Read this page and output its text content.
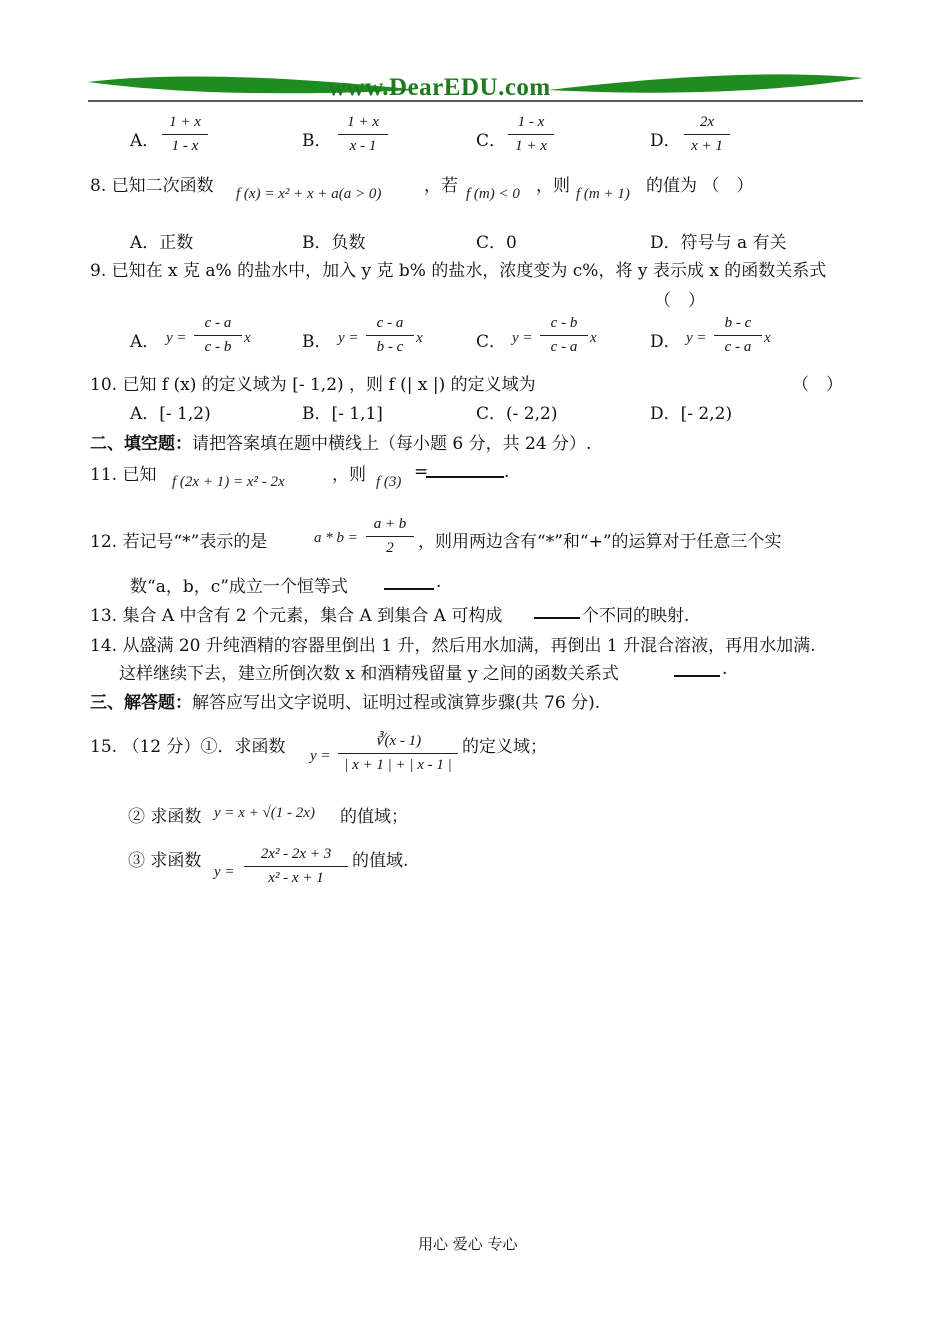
www.DearEDU.com
A．
1 + x
1 - x	B．
1 + x
x - 1	C．
1 - x
1 + x	D．
2x
x + 1
8. 已知二次函数 f (x) = x² + x + a(a > 0)	，若 f (m) < 0 ，则 f (m + 1) 的值为 （　）
A．正数	B．负数	C．0	D．符号与 a 有关
9. 已知在 x 克 a% 的盐水中，加入 y 克 b% 的盐水，浓度变为 c%，将 y 表示成 x 的函数关系式
（　）
A． y =
c - a
c - b
x	B． y =
c - a
b - c
x	C． y =
c - b
c - a
x	D． y =
b - c
c - a
x
10. 已知 f (x) 的定义域为 [- 1,2) ，则 f (| x |) 的定义域为	（　）
A．[- 1,2)	B．[- 1,1]	C．(- 2,2)	D．[- 2,2)
二、填空题：请把答案填在题中横线上（每小题 6 分，共 24 分）.
11. 已知 f (2x + 1) = x² - 2x	，则 f (3) =	.
12. 若记号“*”表示的是	a * b =
a + b
2	，则用两边含有“*”和“+”的运算对于任意三个实
数“a，b，c”成立一个恒等式	.
13. 集合 A 中含有 2 个元素，集合 A 到集合 A 可构成	个不同的映射.
14. 从盛满 20 升纯酒精的容器里倒出 1 升，然后用水加满，再倒出 1 升混合溶液，再用水加满.
这样继续下去，建立所倒次数 x 和酒精残留量 y 之间的函数关系式	.
三、解答题：解答应写出文字说明、证明过程或演算步骤(共 76 分).
15. （12 分）①．求函数 y =
∛(x - 1)
| x + 1 | + | x - 1 |
的定义域；
② 求函数 y = x + √(1 - 2x) 的值域；
③ 求函数
y =
2x² - 2x + 3
x² - x + 1
的值域.
用心 爱心 专心
